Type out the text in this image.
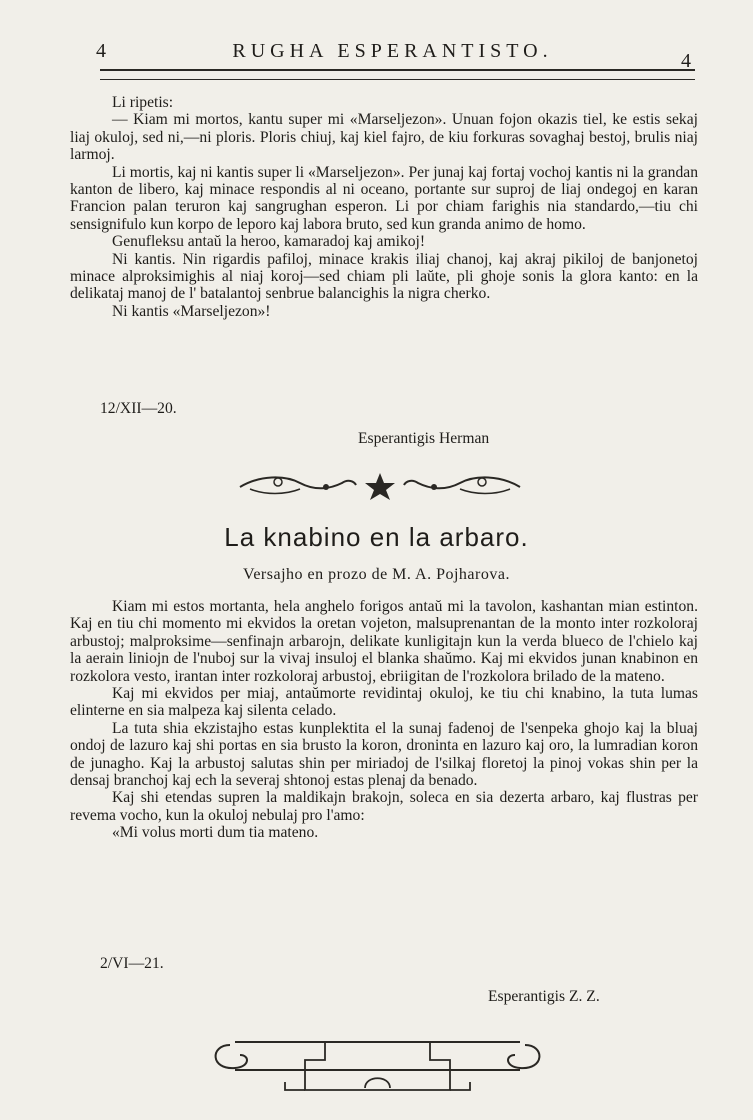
4	RUGHA ESPERANTISTO.	4

Li ripetis:

— Kiam mi mortos, kantu super mi «Marseljezon». Unuan fojon okazis tiel, ke estis sekaj liaj okuloj, sed ni,—ni ploris. Ploris chiuj, kaj kiel fajro, de kiu forkuras sovaghaj bestoj, brulis niaj larmoj.

Li mortis, kaj ni kantis super li «Marseljezon». Per junaj kaj fortaj vochoj kantis ni la grandan kanton de libero, kaj minace respondis al ni oceano, portante sur suproj de liaj ondegoj en karan Francion palan teruron kaj sangrughan esperon. Li por chiam farighis nia standardo,—tiu chi sensignifulo kun korpo de leporo kaj labora bruto, sed kun granda animo de homo.

Genufleksu antaŭ la heroo, kamaradoj kaj amikoj!

Ni kantis. Nin rigardis pafiloj, minace krakis iliaj chanoj, kaj akraj pikiloj de banjonetoj minace alproksimighis al niaj koroj—sed chiam pli laŭte, pli ghoje sonis la glora kanto: en la delikataj manoj de l' batalantoj senbrue balancighis la nigra cherko.

Ni kantis «Marseljezon»!

12/XII—20.
Esperantigis Herman
La knabino en la arbaro.
Versajho en prozo de M. A. Pojharova.

Kiam mi estos mortanta, hela anghelo forigos antaŭ mi la tavolon, kashantan mian estinton. Kaj en tiu chi momento mi ekvidos la oretan vojeton, malsuprenantan de la monto inter rozkoloraj arbustoj; malproksime—senfinajn arbarojn, delikate kunligitajn kun la verda blueco de l'chielo kaj la aerain liniojn de l'nuboj sur la vivaj insuloj el blanka shaŭmo. Kaj mi ekvidos junan knabinon en rozkolora vesto, irantan inter rozkoloraj arbustoj, ebriigitan de l'rozkolora brilado de la mateno.

Kaj mi ekvidos per miaj, antaŭmorte revidintaj okuloj, ke tiu chi knabino, la tuta lumas elinterne en sia malpeza kaj silenta celado.

La tuta shia ekzistajho estas kunplektita el la sunaj fadenoj de l'senpeka ghojo kaj la bluaj ondoj de lazuro kaj shi portas en sia brusto la koron, droninta en lazuro kaj oro, la lumradian koron de junagho. Kaj la arbustoj salutas shin per miriadoj de l'silkaj floretoj la pinoj vokas shin per la densaj branchoj kaj ech la severaj shtonoj estas plenaj da benado.

Kaj shi etendas supren la maldikajn brakojn, soleca en sia dezerta arbaro, kaj flustras per revema vocho, kun la okuloj nebulaj pro l'amo:

«Mi volus morti dum tia mateno.

2/VI—21.
Esperantigis Z. Z.
